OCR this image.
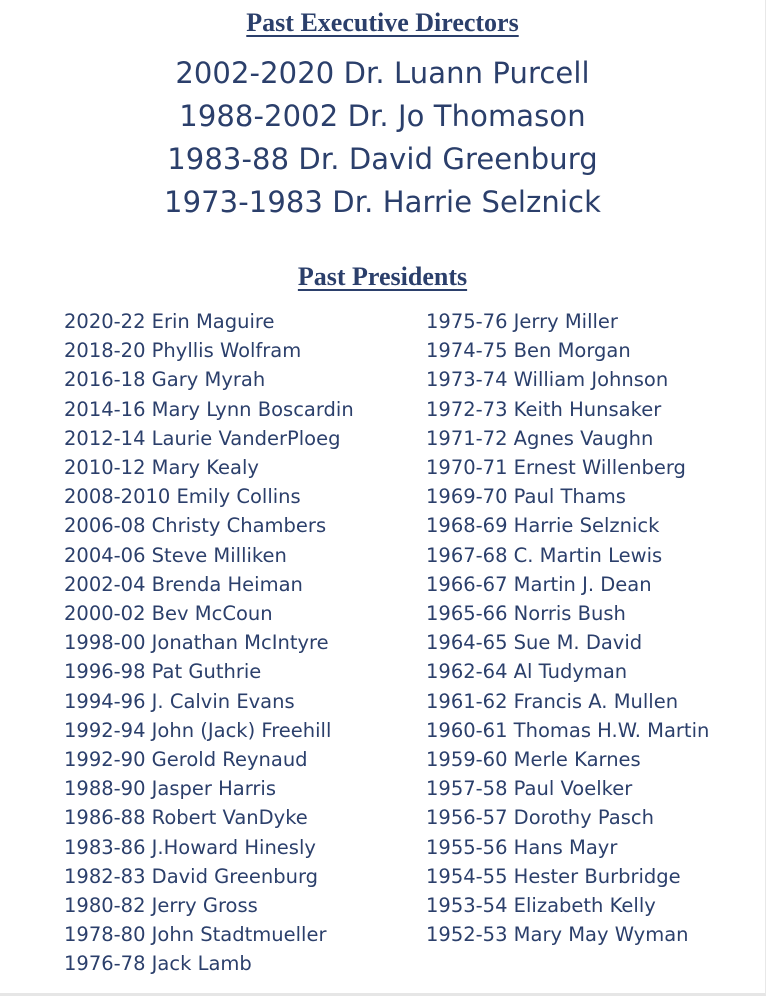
Past Executive Directors
2002-2020 Dr. Luann Purcell
1988-2002 Dr. Jo Thomason
1983-88 Dr. David Greenburg
1973-1983 Dr. Harrie Selznick
Past Presidents
2020-22 Erin Maguire
2018-20 Phyllis Wolfram
2016-18 Gary Myrah
2014-16 Mary Lynn Boscardin
2012-14 Laurie VanderPloeg
2010-12 Mary Kealy
2008-2010 Emily Collins
2006-08 Christy Chambers
2004-06 Steve Milliken
2002-04 Brenda Heiman
2000-02 Bev McCoun
1998-00 Jonathan McIntyre
1996-98 Pat Guthrie
1994-96 J. Calvin Evans
1992-94 John (Jack) Freehill
1992-90 Gerold Reynaud
1988-90 Jasper Harris
1986-88 Robert VanDyke
1983-86 J.Howard Hinesly
1982-83 David Greenburg
1980-82 Jerry Gross
1978-80 John Stadtmueller
1976-78 Jack Lamb
1975-76 Jerry Miller
1974-75 Ben Morgan
1973-74 William Johnson
1972-73 Keith Hunsaker
1971-72 Agnes Vaughn
1970-71 Ernest Willenberg
1969-70 Paul Thams
1968-69 Harrie Selznick
1967-68 C. Martin Lewis
1966-67 Martin J. Dean
1965-66 Norris Bush
1964-65 Sue M. David
1962-64 Al Tudyman
1961-62 Francis A. Mullen
1960-61 Thomas H.W. Martin
1959-60 Merle Karnes
1957-58 Paul Voelker
1956-57 Dorothy Pasch
1955-56 Hans Mayr
1954-55 Hester Burbridge
1953-54 Elizabeth Kelly
1952-53 Mary May Wyman
